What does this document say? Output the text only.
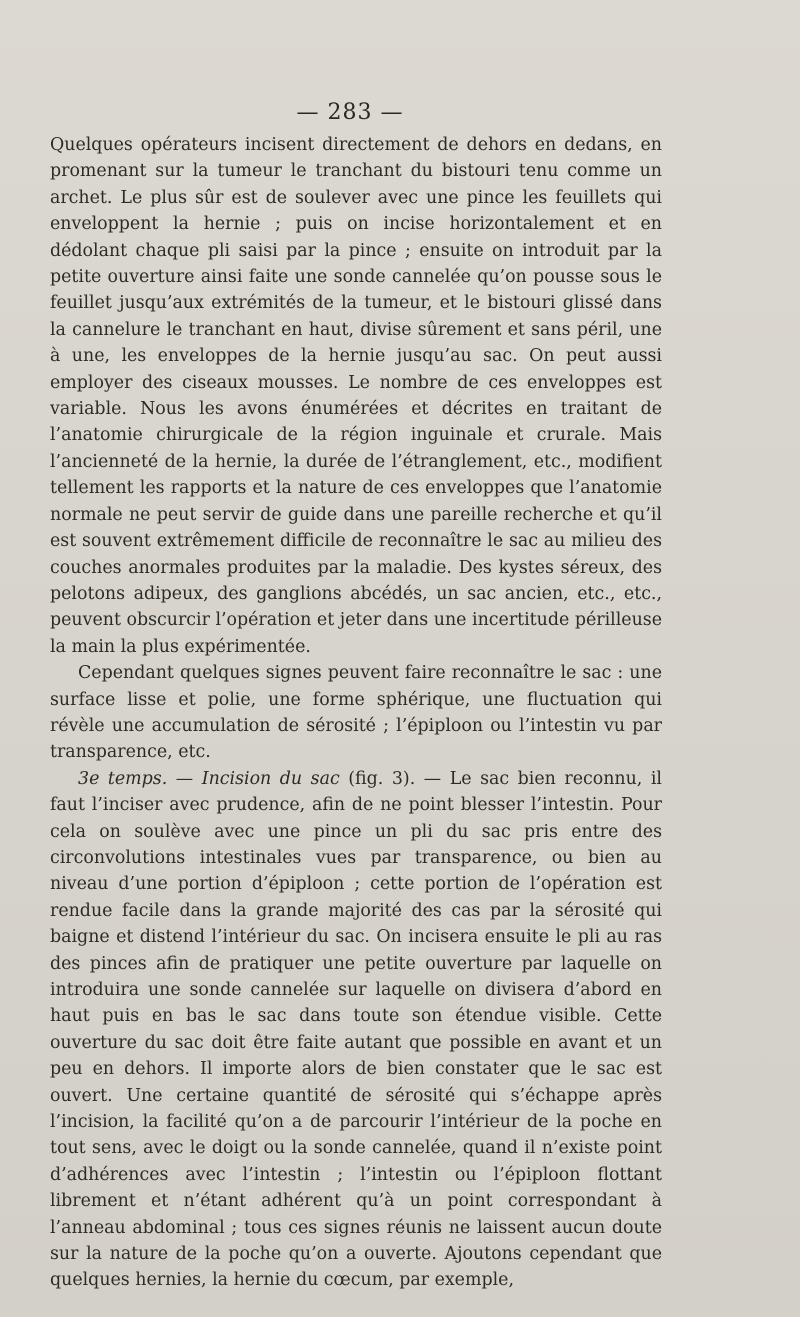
— 283 —

Quelques opérateurs incisent directement de dehors en dedans, en promenant sur la tumeur le tranchant du bistouri tenu comme un archet. Le plus sûr est de soulever avec une pince les feuillets qui enveloppent la hernie ; puis on incise horizontalement et en dédolant chaque pli saisi par la pince ; ensuite on introduit par la petite ouverture ainsi faite une sonde cannelée qu’on pousse sous le feuillet jusqu’aux extrémités de la tumeur, et le bistouri glissé dans la cannelure le tranchant en haut, divise sûrement et sans péril, une à une, les enveloppes de la hernie jusqu’au sac. On peut aussi employer des ciseaux mousses. Le nombre de ces enveloppes est variable. Nous les avons énumérées et décrites en traitant de l’anatomie chirurgicale de la région inguinale et crurale. Mais l’ancienneté de la hernie, la durée de l’étranglement, etc., modifient tellement les rapports et la nature de ces enveloppes que l’anatomie normale ne peut servir de guide dans une pareille recherche et qu’il est souvent extrêmement difficile de reconnaître le sac au milieu des couches anormales produites par la maladie. Des kystes séreux, des pelotons adipeux, des ganglions abcédés, un sac ancien, etc., etc., peuvent obscurcir l’opération et jeter dans une incertitude périlleuse la main la plus expérimentée.

Cependant quelques signes peuvent faire reconnaître le sac : une surface lisse et polie, une forme sphérique, une fluctuation qui révèle une accumulation de sérosité ; l’épiploon ou l’intestin vu par transparence, etc.

3e temps. — Incision du sac (fig. 3). — Le sac bien reconnu, il faut l’inciser avec prudence, afin de ne point blesser l’intestin. Pour cela on soulève avec une pince un pli du sac pris entre des circonvolutions intestinales vues par transparence, ou bien au niveau d’une portion d’épiploon ; cette portion de l’opération est rendue facile dans la grande majorité des cas par la sérosité qui baigne et distend l’intérieur du sac. On incisera ensuite le pli au ras des pinces afin de pratiquer une petite ouverture par laquelle on introduira une sonde cannelée sur laquelle on divisera d’abord en haut puis en bas le sac dans toute son étendue visible. Cette ouverture du sac doit être faite autant que possible en avant et un peu en dehors. Il importe alors de bien constater que le sac est ouvert. Une certaine quantité de sérosité qui s’échappe après l’incision, la facilité qu’on a de parcourir l’intérieur de la poche en tout sens, avec le doigt ou la sonde cannelée, quand il n’existe point d’adhérences avec l’intestin ; l’intestin ou l’épiploon flottant librement et n’étant adhérent qu’à un point correspondant à l’anneau abdominal ; tous ces signes réunis ne laissent aucun doute sur la nature de la poche qu’on a ouverte. Ajoutons cependant que quelques hernies, la hernie du cœcum, par exemple,
